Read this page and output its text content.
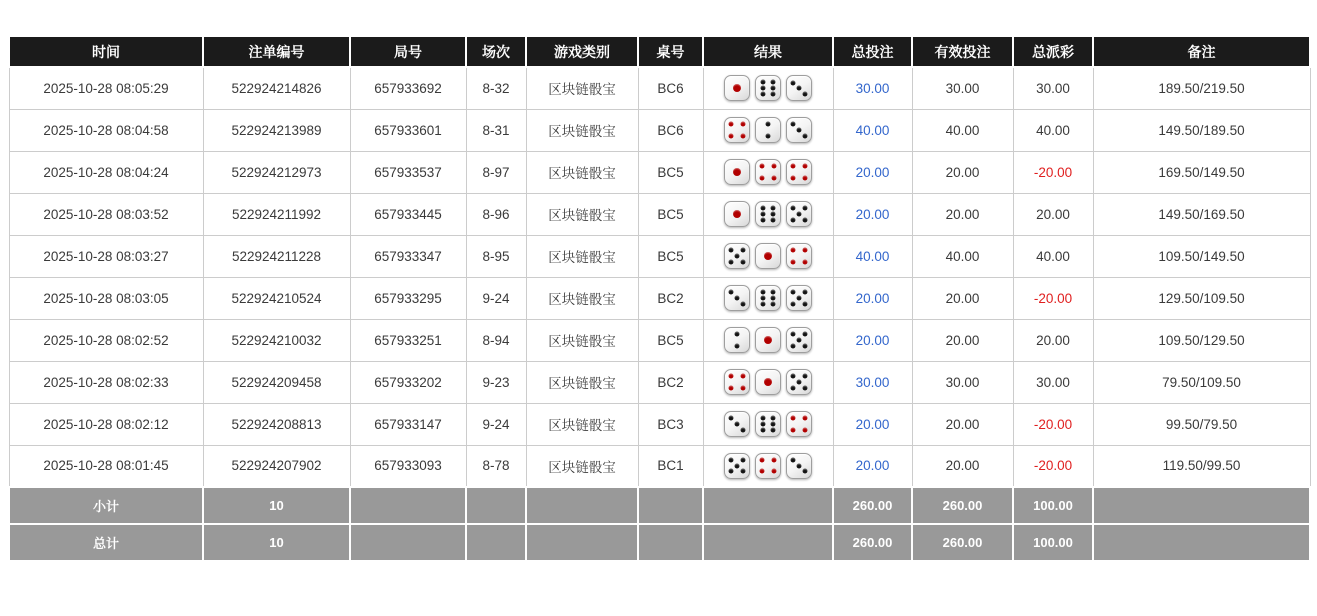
时间	注单编号	局号	场次	游戏类别	桌号	结果	总投注	有效投注	总派彩	备注
2025-10-28 08:05:29	522924214826	657933692	8-32	区块链骰宝	BC6		30.00	30.00	30.00	189.50/219.50
2025-10-28 08:04:58	522924213989	657933601	8-31	区块链骰宝	BC6		40.00	40.00	40.00	149.50/189.50
2025-10-28 08:04:24	522924212973	657933537	8-97	区块链骰宝	BC5		20.00	20.00	-20.00	169.50/149.50
2025-10-28 08:03:52	522924211992	657933445	8-96	区块链骰宝	BC5		20.00	20.00	20.00	149.50/169.50
2025-10-28 08:03:27	522924211228	657933347	8-95	区块链骰宝	BC5		40.00	40.00	40.00	109.50/149.50
2025-10-28 08:03:05	522924210524	657933295	9-24	区块链骰宝	BC2		20.00	20.00	-20.00	129.50/109.50
2025-10-28 08:02:52	522924210032	657933251	8-94	区块链骰宝	BC5		20.00	20.00	20.00	109.50/129.50
2025-10-28 08:02:33	522924209458	657933202	9-23	区块链骰宝	BC2		30.00	30.00	30.00	79.50/109.50
2025-10-28 08:02:12	522924208813	657933147	9-24	区块链骰宝	BC3		20.00	20.00	-20.00	99.50/79.50
2025-10-28 08:01:45	522924207902	657933093	8-78	区块链骰宝	BC1		20.00	20.00	-20.00	119.50/99.50
小计	10						260.00	260.00	100.00	
总计	10						260.00	260.00	100.00	
